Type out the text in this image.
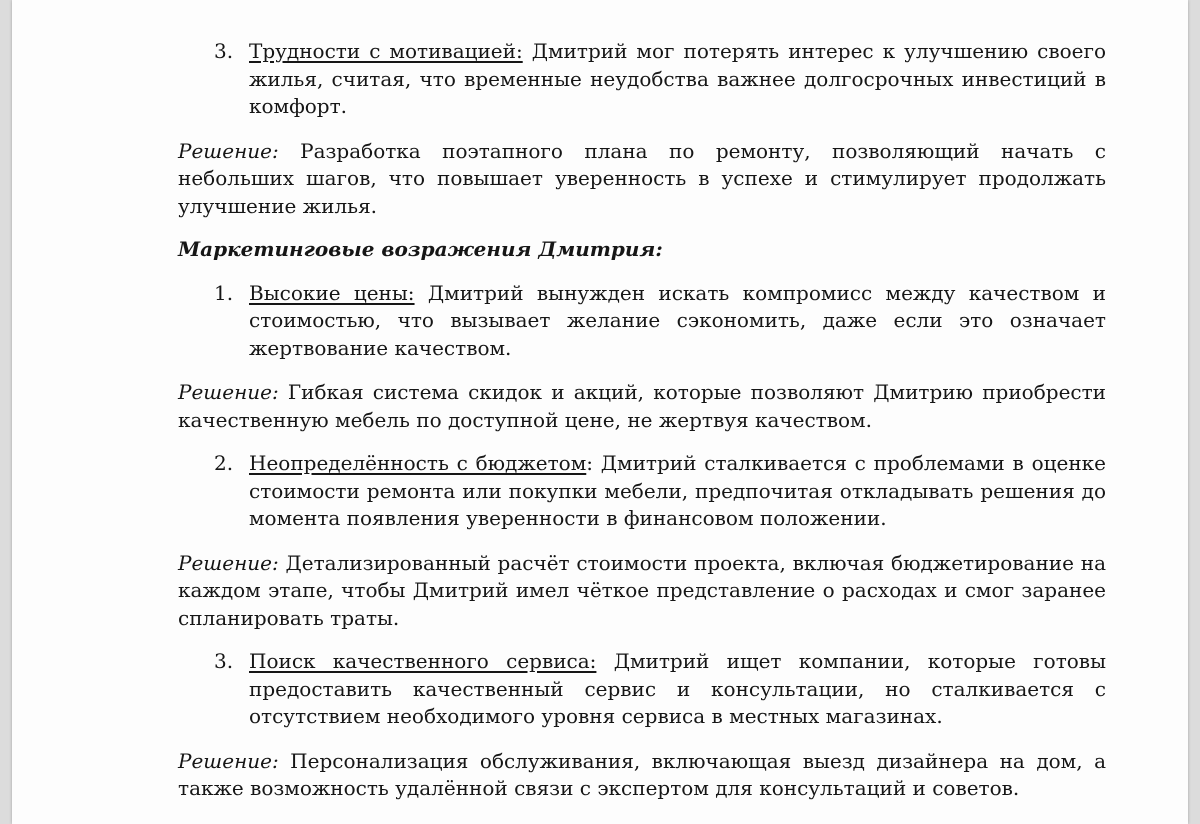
3. Трудности с мотивацией: Дмитрий мог потерять интерес к улучшению своего жилья, считая, что временные неудобства важнее долгосрочных инвестиций в комфорт.

Решение: Разработка поэтапного плана по ремонту, позволяющий начать с небольших шагов, что повышает уверенность в успехе и стимулирует продолжать улучшение жилья.

Маркетинговые возражения Дмитрия:
1. Высокие цены: Дмитрий вынужден искать компромисс между качеством и стоимостью, что вызывает желание сэкономить, даже если это означает жертвование качеством.

Решение: Гибкая система скидок и акций, которые позволяют Дмитрию приобрести качественную мебель по доступной цене, не жертвуя качеством.

2. Неопределённость с бюджетом: Дмитрий сталкивается с проблемами в оценке стоимости ремонта или покупки мебели, предпочитая откладывать решения до момента появления уверенности в финансовом положении.

Решение: Детализированный расчёт стоимости проекта, включая бюджетирование на каждом этапе, чтобы Дмитрий имел чёткое представление о расходах и смог заранее спланировать траты.

3. Поиск качественного сервиса: Дмитрий ищет компании, которые готовы предоставить качественный сервис и консультации, но сталкивается с отсутствием необходимого уровня сервиса в местных магазинах.

Решение: Персонализация обслуживания, включающая выезд дизайнера на дом, а также возможность удалённой связи с экспертом для консультаций и советов.
